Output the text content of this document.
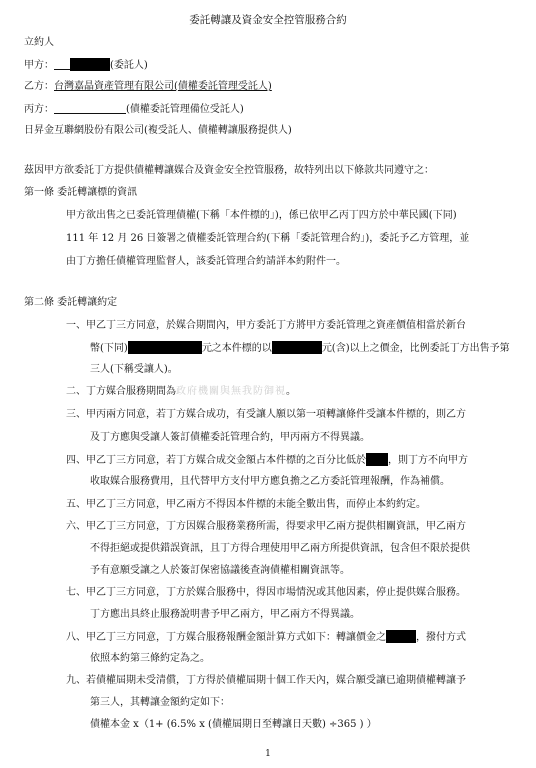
委託轉讓及資金安全控管服務合約
立約人
甲方：	(委託人)
乙方：台灣嘉晶資產管理有限公司(債權委託管理受託人)
丙方：	(債權委託管理備位受託人)
日昇金互聯網股份有限公司(複受託人、債權轉讓服務提供人)
茲因甲方欲委託丁方提供債權轉讓媒合及資金安全控管服務，故特列出以下條款共同遵守之：
第一條 委託轉讓標的資訊
甲方欲出售之已委託管理債權(下稱「本件標的」)，係已依甲乙丙丁四方於中華民國(下同)
111 年 12 月 26 日簽署之債權委託管理合約(下稱「委託管理合約」)，委託予乙方管理，並
由丁方擔任債權管理監督人，該委託管理合約請詳本約附件一。
第二條 委託轉讓約定
一、甲乙丁三方同意，於媒合期間內，甲方委託丁方將甲方委託管理之資產價值相當於新台
幣(下同)	元之本件標的以	元(含)以上之價金，比例委託丁方出售予第
三人(下稱受讓人)。
二、丁方媒合服務期間為政府機關與無我防御視。
三、甲丙兩方同意，若丁方媒合成功，有受讓人願以第一項轉讓條件受讓本件標的，則乙方
及丁方應與受讓人簽訂債權委託管理合約，甲丙兩方不得異議。
四、甲乙丁三方同意，若丁方媒合成交金額占本件標的之百分比低於 ，則丁方不向甲方
收取媒合服務費用，且代替甲方支付甲方應負擔之乙方委託管理報酬，作為補償。
五、甲乙丁三方同意，甲乙兩方不得因本件標的未能全數出售，而停止本約約定。
六、甲乙丁三方同意，丁方因媒合服務業務所需，得要求甲乙兩方提供相關資訊，甲乙兩方
不得拒絕或提供錯誤資訊，且丁方得合理使用甲乙兩方所提供資訊，包含但不限於提供
予有意願受讓之人於簽訂保密協議後查詢債權相關資訊等。
七、甲乙丁三方同意，丁方於媒合服務中，得因市場情況或其他因素，停止提供媒合服務。
丁方應出具終止服務說明書予甲乙兩方，甲乙兩方不得異議。
八、甲乙丁三方同意，丁方媒合服務報酬金額計算方式如下：轉讓價金之	，撥付方式
依照本約第三條約定為之。
九、若債權屆期未受清償，丁方得於債權屆期十個工作天內，媒合願受讓已逾期債權轉讓予
第三人，其轉讓金額約定如下：
債權本金 x（1+ (6.5% x (債權屆期日至轉讓日天數) ÷365 ) ）
1
